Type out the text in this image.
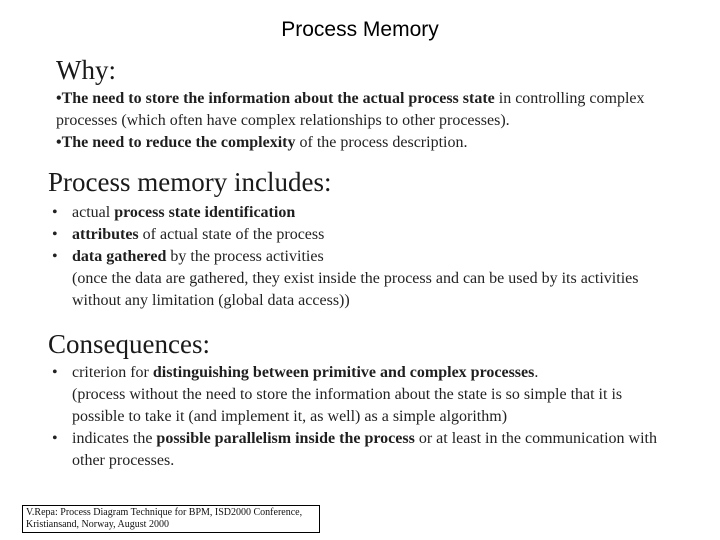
Process Memory
Why:
•The need to store the information about the actual process state in controlling complex processes (which often have complex relationships to other processes).
•The need to reduce the complexity of the process description.
Process memory includes:
• actual process state identification
• attributes of actual state of the process
• data gathered by the process activities
(once the data are gathered, they exist inside the process and can be used by its activities without any limitation (global data access))
Consequences:
• criterion for distinguishing between primitive and complex processes.
(process without the need to store the information about the state is so simple that it is possible to take it (and implement it, as well) as a simple algorithm)
• indicates the possible parallelism inside the process or at least in the communication with other processes.
V.Repa: Process Diagram Technique for BPM, ISD2000 Conference,
Kristiansand, Norway, August 2000
